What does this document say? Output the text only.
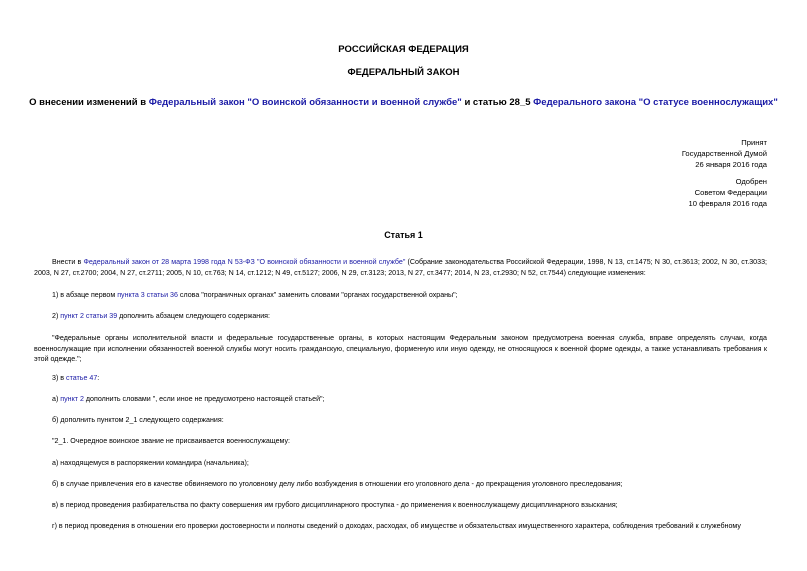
РОССИЙСКАЯ ФЕДЕРАЦИЯ
ФЕДЕРАЛЬНЫЙ ЗАКОН
О внесении изменений в Федеральный закон "О воинской обязанности и военной службе" и статью 28_5 Федерального закона "О статусе военнослужащих"
Принят
Государственной Думой
26 января 2016 года
Одобрен
Советом Федерации
10 февраля 2016 года
Статья 1
Внести в Федеральный закон от 28 марта 1998 года N 53-ФЗ "О воинской обязанности и военной службе" (Собрание законодательства Российской Федерации, 1998, N 13, ст.1475; N 30, ст.3613; 2002, N 30, ст.3033; 2003, N 27, ст.2700; 2004, N 27, ст.2711; 2005, N 10, ст.763; N 14, ст.1212; N 49, ст.5127; 2006, N 29, ст.3123; 2013, N 27, ст.3477; 2014, N 23, ст.2930; N 52, ст.7544) следующие изменения:
1) в абзаце первом пункта 3 статьи 36 слова "пограничных органах" заменить словами "органах государственной охраны";
2) пункт 2 статьи 39 дополнить абзацем следующего содержания:
"Федеральные органы исполнительной власти и федеральные государственные органы, в которых настоящим Федеральным законом предусмотрена военная служба, вправе определять случаи, когда военнослужащие при исполнении обязанностей военной службы могут носить гражданскую, специальную, форменную или иную одежду, не относящуюся к военной форме одежды, а также устанавливать требования к этой одежде.";
3) в статье 47:
а) пункт 2 дополнить словами ", если иное не предусмотрено настоящей статьей";
б) дополнить пунктом 2_1 следующего содержания:
"2_1. Очередное воинское звание не присваивается военнослужащему:
а) находящемуся в распоряжении командира (начальника);
б) в случае привлечения его в качестве обвиняемого по уголовному делу либо возбуждения в отношении его уголовного дела - до прекращения уголовного преследования;
в) в период проведения разбирательства по факту совершения им грубого дисциплинарного проступка - до применения к военнослужащему дисциплинарного взыскания;
г) в период проведения в отношении его проверки достоверности и полноты сведений о доходах, расходах, об имуществе и обязательствах имущественного характера, соблюдения требований к служебному
